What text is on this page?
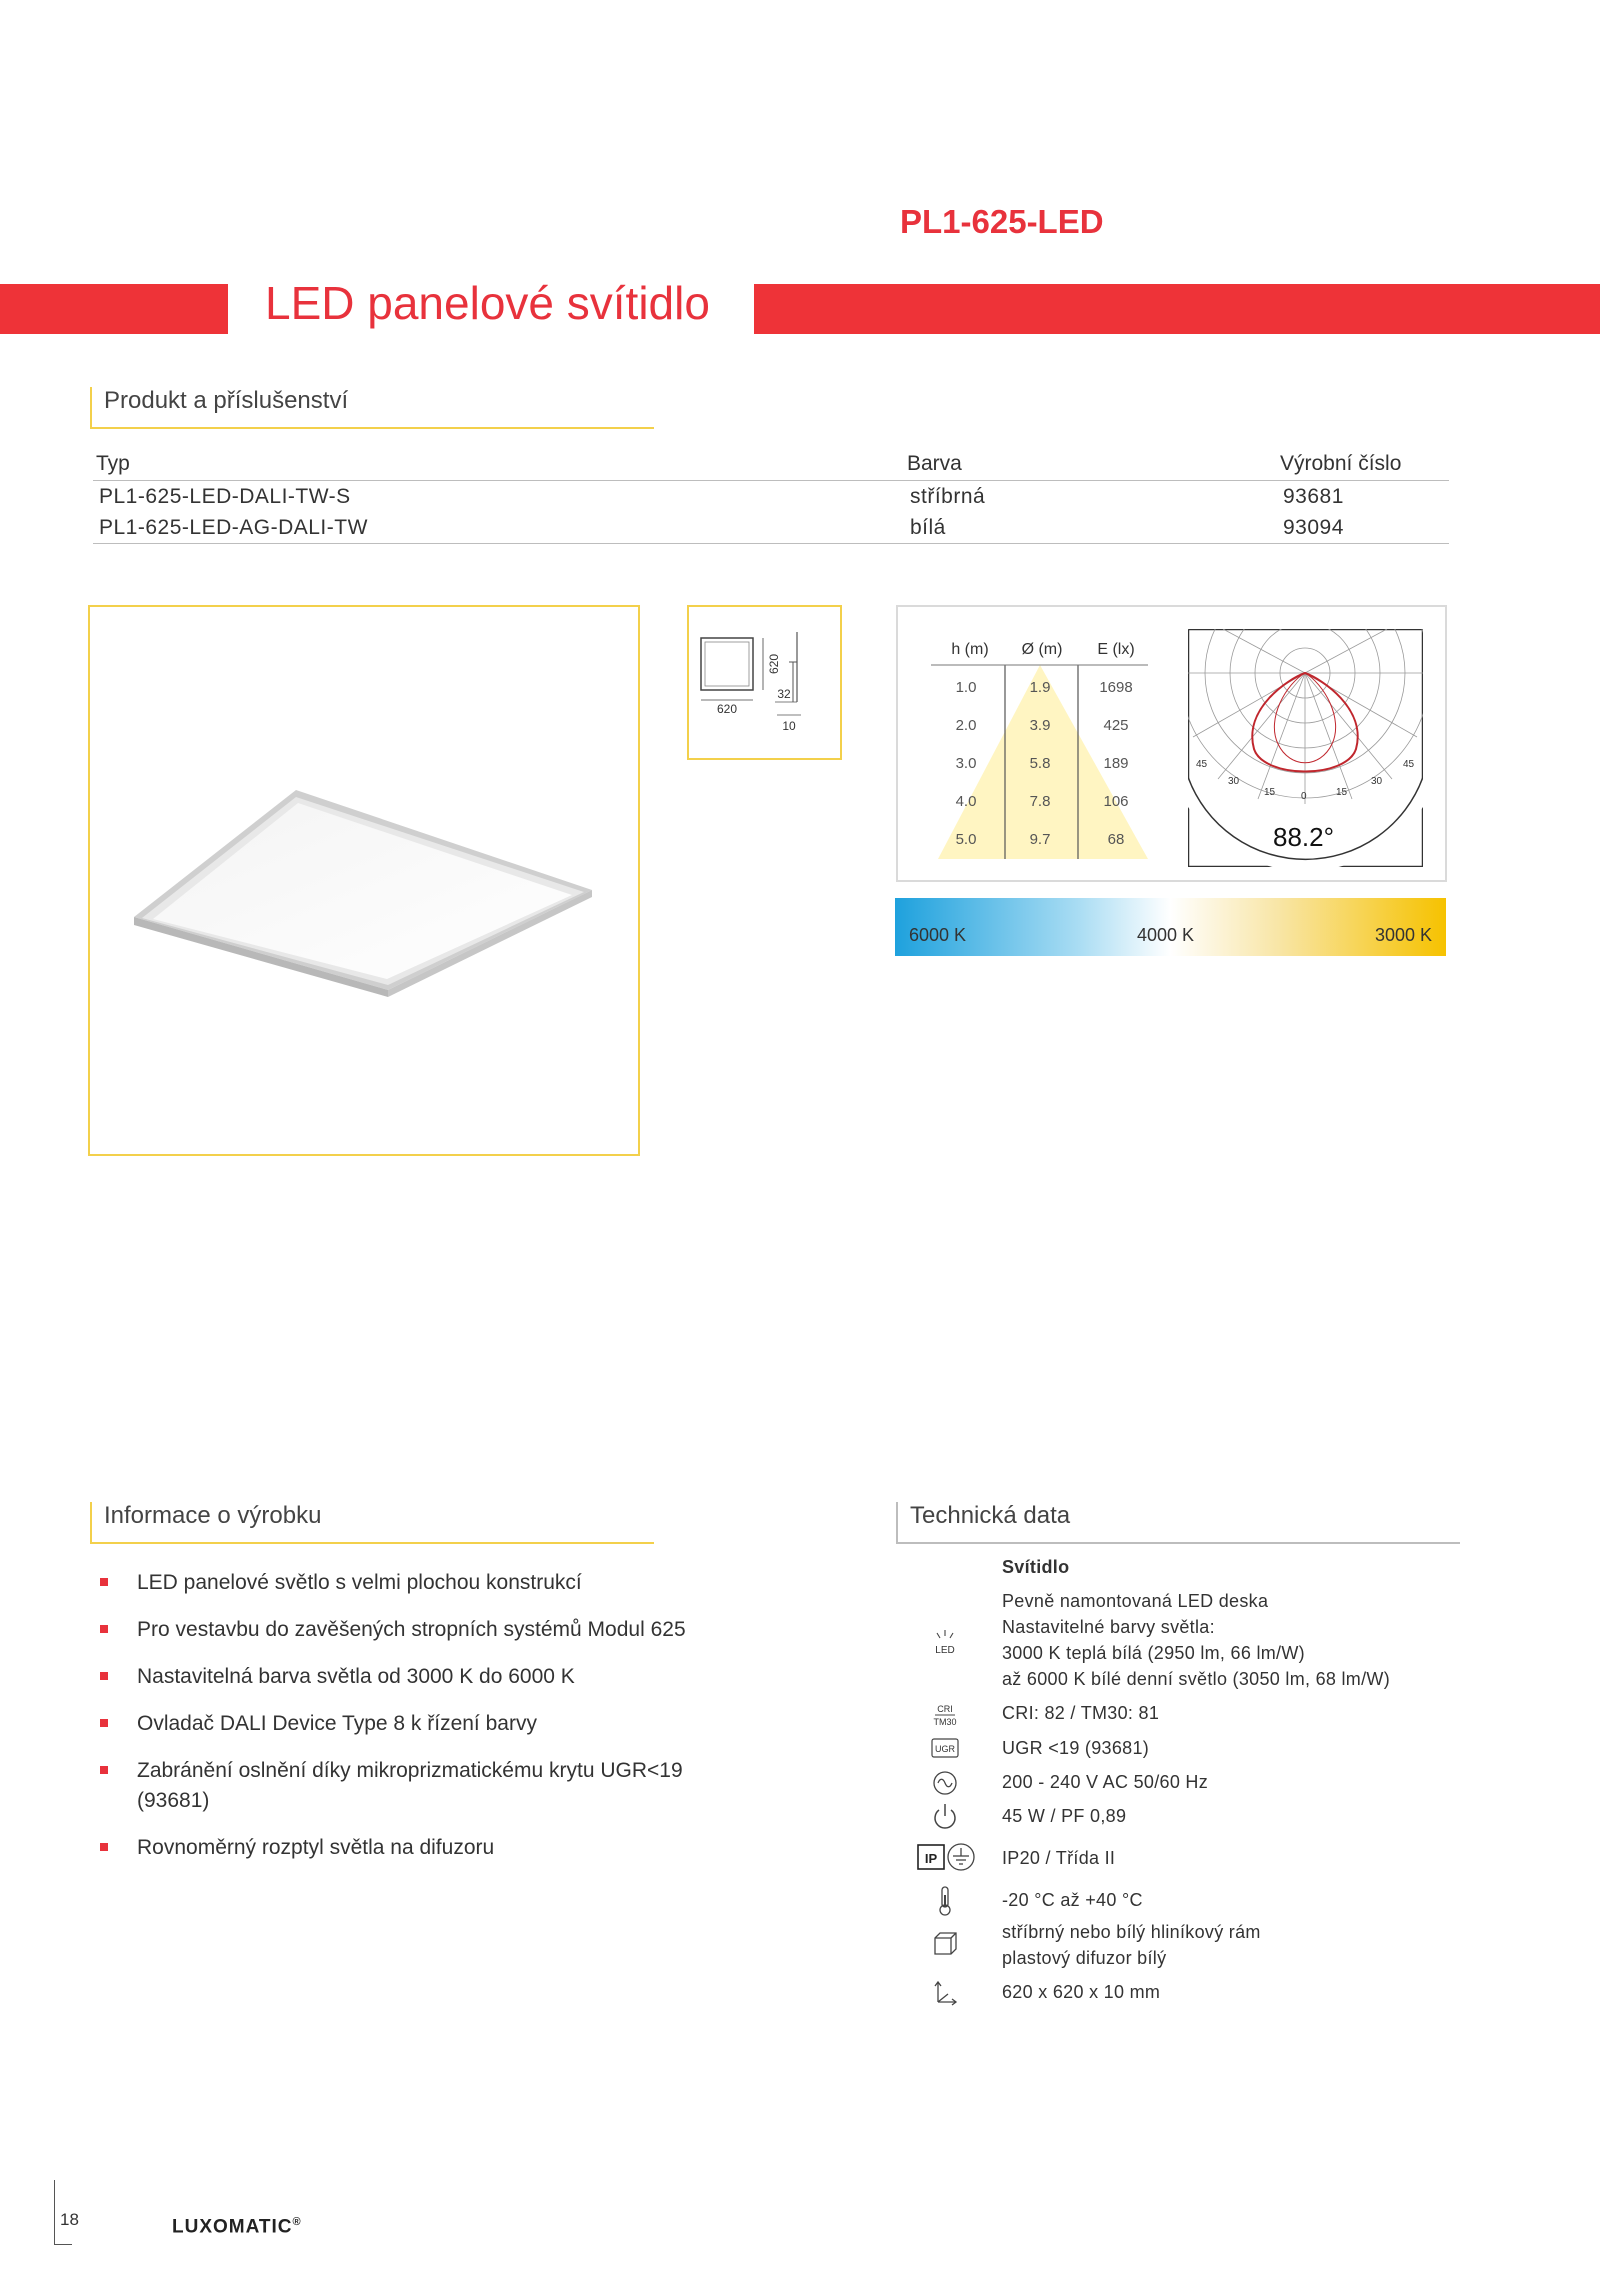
PL1-625-LED
LED panelové svítidlo
Produkt a příslušenství
Typ	Barva	Výrobní číslo
PL1-625-LED-DALI-TW-S	stříbrná	93681
PL1-625-LED-AG-DALI-TW	bílá	93094
620
620
32
10
h (m)	Ø (m)	E (lx)
1.0	1.9	1698
2.0	3.9	425
3.0	5.8	189
4.0	7.8	106
5.0	9.7	68
45
30
15	0	15
30
45
88.2°
6000 K	4000 K	3000 K
Informace o výrobku
LED panelové světlo s velmi plochou konstrukcí
Pro vestavbu do zavěšených stropních systémů Modul 625
Nastavitelná barva světla od 3000 K do 6000 K
Ovladač DALI Device Type 8 k řízení barvy
Zabránění oslnění díky mikroprizmatickému krytu UGR<19 (93681)
Rovnoměrný rozptyl světla na difuzoru
Technická data
Svítidlo
LED
Pevně namontovaná LED deska
Nastavitelné barvy světla:
3000 K teplá bílá (2950 lm, 66 lm/W)
až 6000 K bílé denní světlo (3050 lm, 68 lm/W)
CRI
TM30	CRI: 82 / TM30: 81
UGR	UGR <19 (93681)
200 - 240 V AC 50/60 Hz
45 W / PF 0,89
IP	IP20 / Třída II
-20 °C až +40 °C
stříbrný nebo bílý hliníkový rám
plastový difuzor bílý
620 x 620 x 10 mm
18	LUXOMATIC®
